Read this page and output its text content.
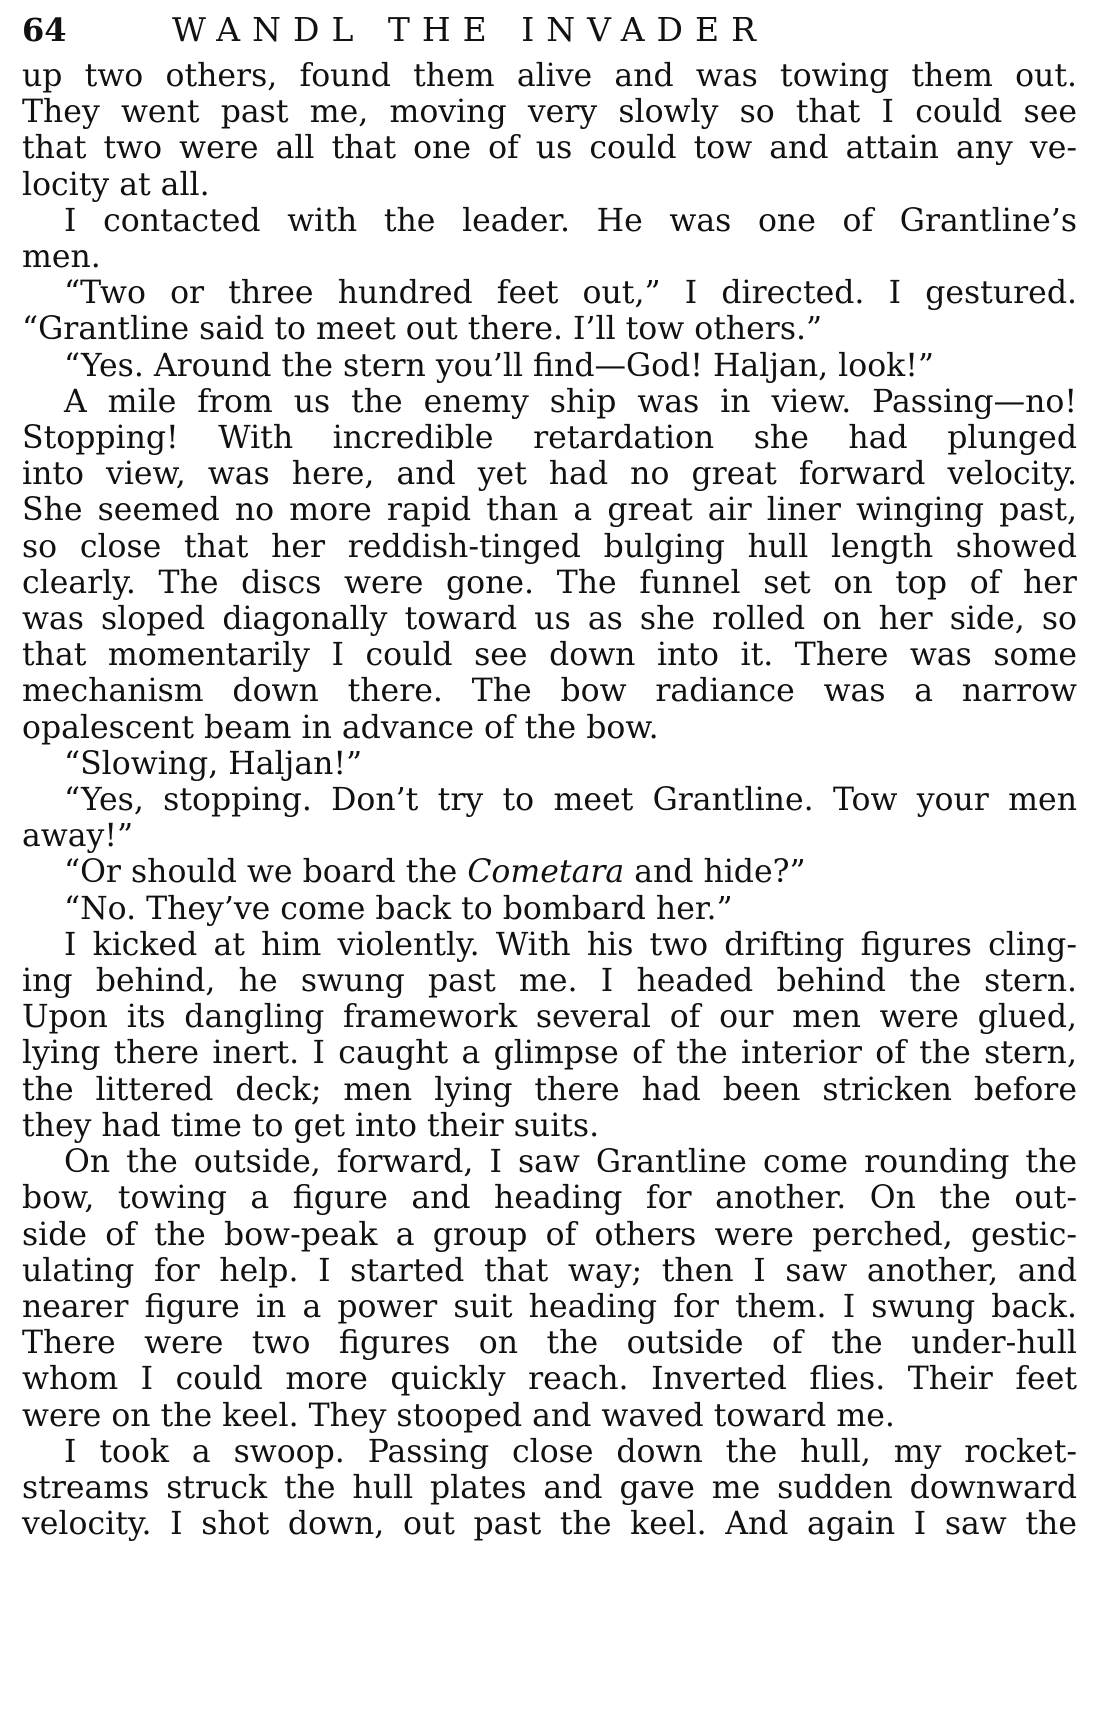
64	WANDL THE INVADER
up two others, found them alive and was towing them out.
They went past me, moving very slowly so that I could see
that two were all that one of us could tow and attain any ve-
locity at all.
I contacted with the leader. He was one of Grantline’s
men.
“Two or three hundred feet out,” I directed. I gestured.
“Grantline said to meet out there. I’ll tow others.”
“Yes. Around the stern you’ll find—God! Haljan, look!”
A mile from us the enemy ship was in view. Passing—no!
Stopping! With incredible retardation she had plunged
into view, was here, and yet had no great forward velocity.
She seemed no more rapid than a great air liner winging past,
so close that her reddish-tinged bulging hull length showed
clearly. The discs were gone. The funnel set on top of her
was sloped diagonally toward us as she rolled on her side, so
that momentarily I could see down into it. There was some
mechanism down there. The bow radiance was a narrow
opalescent beam in advance of the bow.
“Slowing, Haljan!”
“Yes, stopping. Don’t try to meet Grantline. Tow your men
away!”
“Or should we board the Cometara and hide?”
“No. They’ve come back to bombard her.”
I kicked at him violently. With his two drifting figures cling-
ing behind, he swung past me. I headed behind the stern.
Upon its dangling framework several of our men were glued,
lying there inert. I caught a glimpse of the interior of the stern,
the littered deck; men lying there had been stricken before
they had time to get into their suits.
On the outside, forward, I saw Grantline come rounding the
bow, towing a figure and heading for another. On the out-
side of the bow-peak a group of others were perched, gestic-
ulating for help. I started that way; then I saw another, and
nearer figure in a power suit heading for them. I swung back.
There were two figures on the outside of the under-hull
whom I could more quickly reach. Inverted flies. Their feet
were on the keel. They stooped and waved toward me.
I took a swoop. Passing close down the hull, my rocket-
streams struck the hull plates and gave me sudden downward
velocity. I shot down, out past the keel. And again I saw the
